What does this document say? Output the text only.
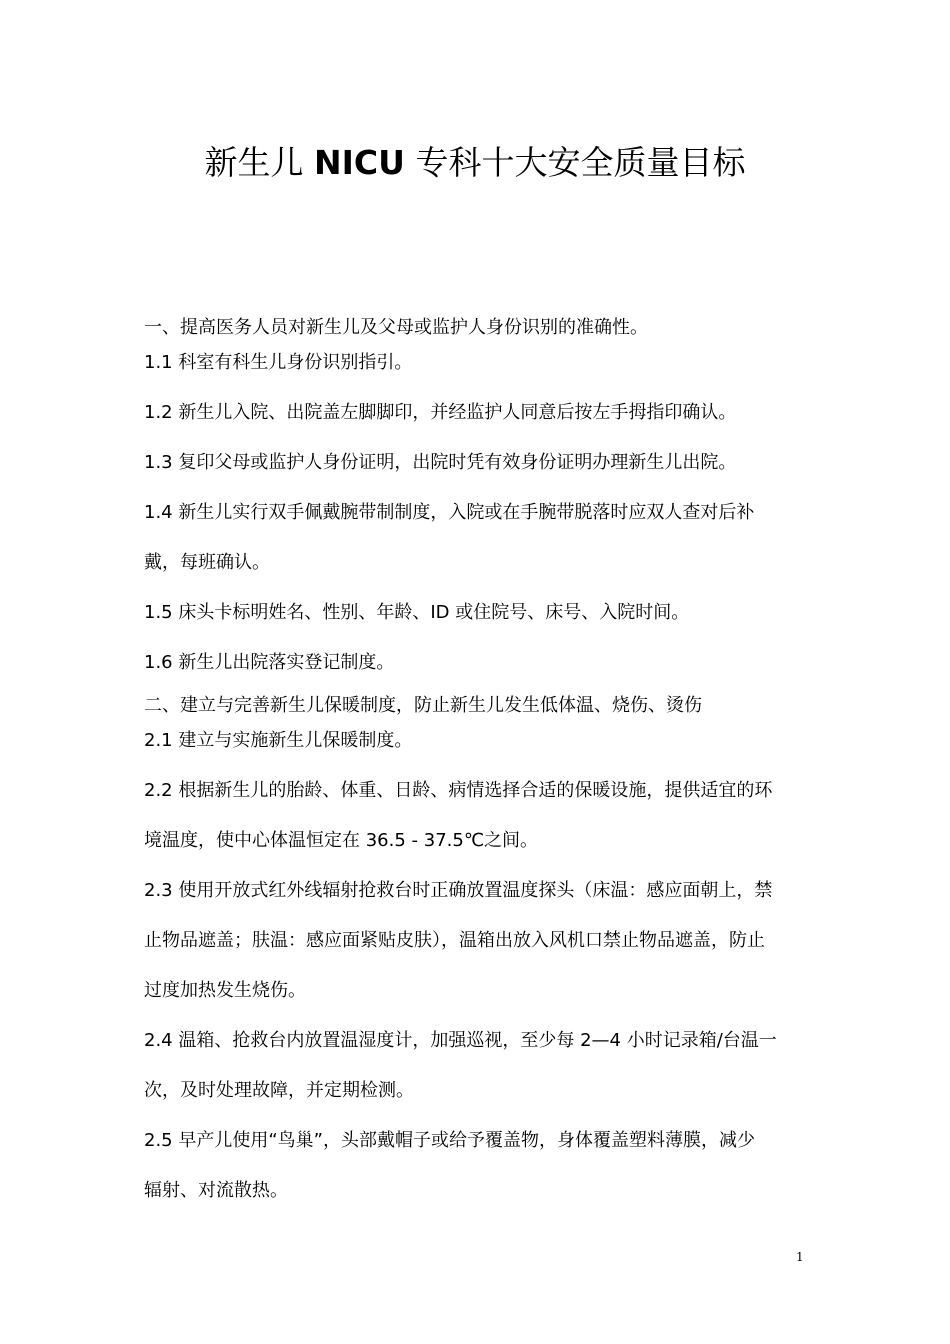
新生儿 NICU 专科十大安全质量目标
一、提高医务人员对新生儿及父母或监护人身份识别的准确性。
1.1 科室有科生儿身份识别指引。
1.2 新生儿入院、出院盖左脚脚印，并经监护人同意后按左手拇指印确认。
1.3 复印父母或监护人身份证明，出院时凭有效身份证明办理新生儿出院。
1.4 新生儿实行双手佩戴腕带制制度，入院或在手腕带脱落时应双人查对后补
戴，每班确认。
1.5 床头卡标明姓名、性别、年龄、ID 或住院号、床号、入院时间。
1.6 新生儿出院落实登记制度。
二、建立与完善新生儿保暖制度，防止新生儿发生低体温、烧伤、烫伤
2.1 建立与实施新生儿保暖制度。
2.2 根据新生儿的胎龄、体重、日龄、病情选择合适的保暖设施，提供适宜的环
境温度，使中心体温恒定在 36.5 - 37.5℃之间。
2.3 使用开放式红外线辐射抢救台时正确放置温度探头（床温：感应面朝上，禁
止物品遮盖；肤温：感应面紧贴皮肤），温箱出放入风机口禁止物品遮盖，防止
过度加热发生烧伤。
2.4 温箱、抢救台内放置温湿度计，加强巡视，至少每 2—4 小时记录箱/台温一
次，及时处理故障，并定期检测。
2.5 早产儿使用“鸟巢”，头部戴帽子或给予覆盖物，身体覆盖塑料薄膜，减少
辐射、对流散热。
1
